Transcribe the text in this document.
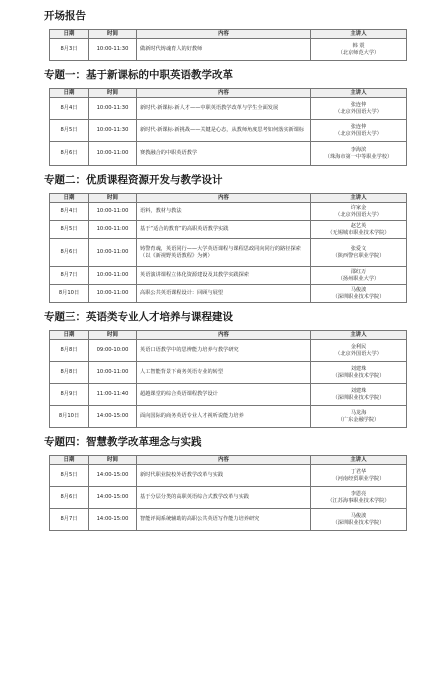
开场报告
日期	时间	内容	主讲人
8月3日	10:00-11:30	做新时代铸魂育人的好教师	韩 震
（北京师范大学）
专题一：基于新课标的中职英语教学改革
日期	时间	内容	主讲人
8月4日	10:00-11:30	新时代·新课标·新人才——中职英语教学改革与学生全面发展	张连仲
（北京外国语大学）

8月5日	10:00-11:30	新时代·新课标·新挑战——关键是心态，从教师角度思考如何落实新课标	张连仲
（北京外国语大学）

8月6日	10:00-11:00	赛教融合的中职英语教学	李海滨
（珠海市第一中等职业学校）
专题二：优质课程资源开发与教学设计
日期	时间	内容	主讲人
8月4日	10:00-11:00	语料，教材与教法	许家金
（北京外国语大学）

8月5日	10:00-11:00	基于“适合的教育”的高职英语教学实践	赵艺英
（无锡城市职业技术学院）

8月6日	10:00-11:00	铸警育魂，英语同行——大学英语课程与课程思政同向同行的路径探索（以《新视野英语教程》为例）	张爱文
（陕西警官职业学院）

8月7日	10:00-11:00	英语演讲课程立体化资源建设及其教学实践探索	邵红万
（扬州职业大学）

8月10日	10:00-11:00	高职公共英语课程设计：回顾与展望	马俊波
（深圳职业技术学院）
专题三：英语类专业人才培养与课程建设
日期	时间	内容	主讲人
8月8日	09:00-10:00	英语口语教学中的思辨能力培养与教学研究	金利民
（北京外国语大学）

8月8日	10:00-11:00	人工智能背景下商务英语专业的转型	刘建珠
（深圳职业技术学院）

8月9日	11:00-11:40	超越课堂的综合英语课程教学设计	刘建珠
（深圳职业技术学院）

8月10日	14:00-15:00	面向国际的商务英语专业人才视听说能力培养	马龙海
（广东金融学院）
专题四：智慧教学改革理念与实践
日期	时间	内容	主讲人
8月5日	14:00-15:00	新时代职业院校外语教学改革与实践	丁君华
（河南经贸职业学院）

8月6日	14:00-15:00	基于分层分类的高职英语综合式教学改革与实践	李恩亮
（江苏海事职业技术学院）

8月7日	14:00-15:00	智能评阅系统辅助的高职公共英语写作能力培养研究	马俊波
（深圳职业技术学院）
